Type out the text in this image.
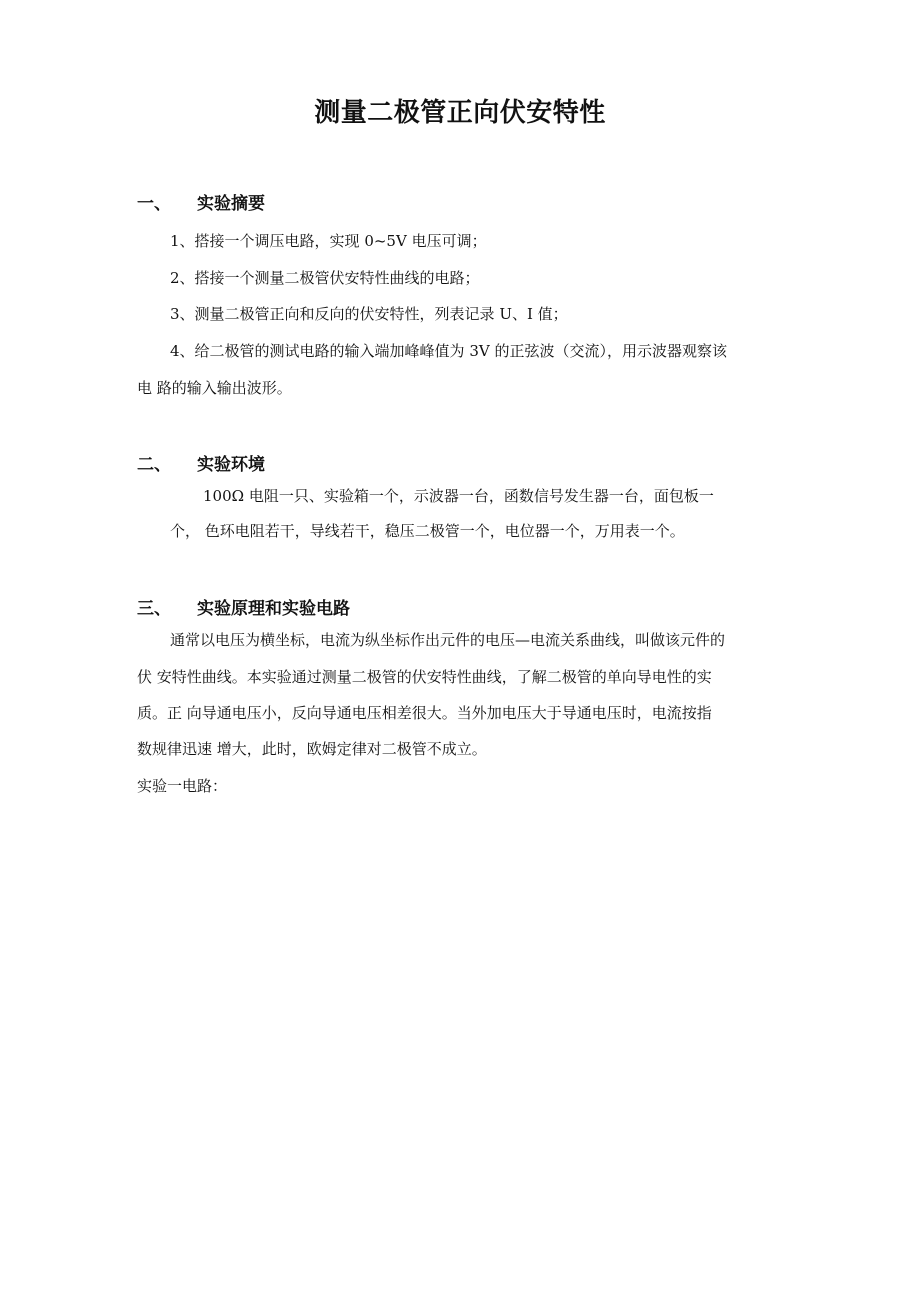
测量二极管正向伏安特性
一、 实验摘要
1、搭接一个调压电路，实现 0~5V 电压可调；
2、搭接一个测量二极管伏安特性曲线的电路；
3、测量二极管正向和反向的伏安特性，列表记录 U、I 值；
4、给二极管的测试电路的输入端加峰峰值为 3V 的正弦波（交流），用示波器观察该
电 路的输入输出波形。
二、 实验环境
100Ω 电阻一只、实验箱一个，示波器一台，函数信号发生器一台，面包板一
个， 色环电阻若干，导线若干，稳压二极管一个，电位器一个，万用表一个。
三、 实验原理和实验电路
通常以电压为横坐标，电流为纵坐标作出元件的电压—电流关系曲线，叫做该元件的
伏 安特性曲线。本实验通过测量二极管的伏安特性曲线，了解二极管的单向导电性的实
质。正 向导通电压小，反向导通电压相差很大。当外加电压大于导通电压时，电流按指
数规律迅速 增大，此时，欧姆定律对二极管不成立。
实验一电路：
